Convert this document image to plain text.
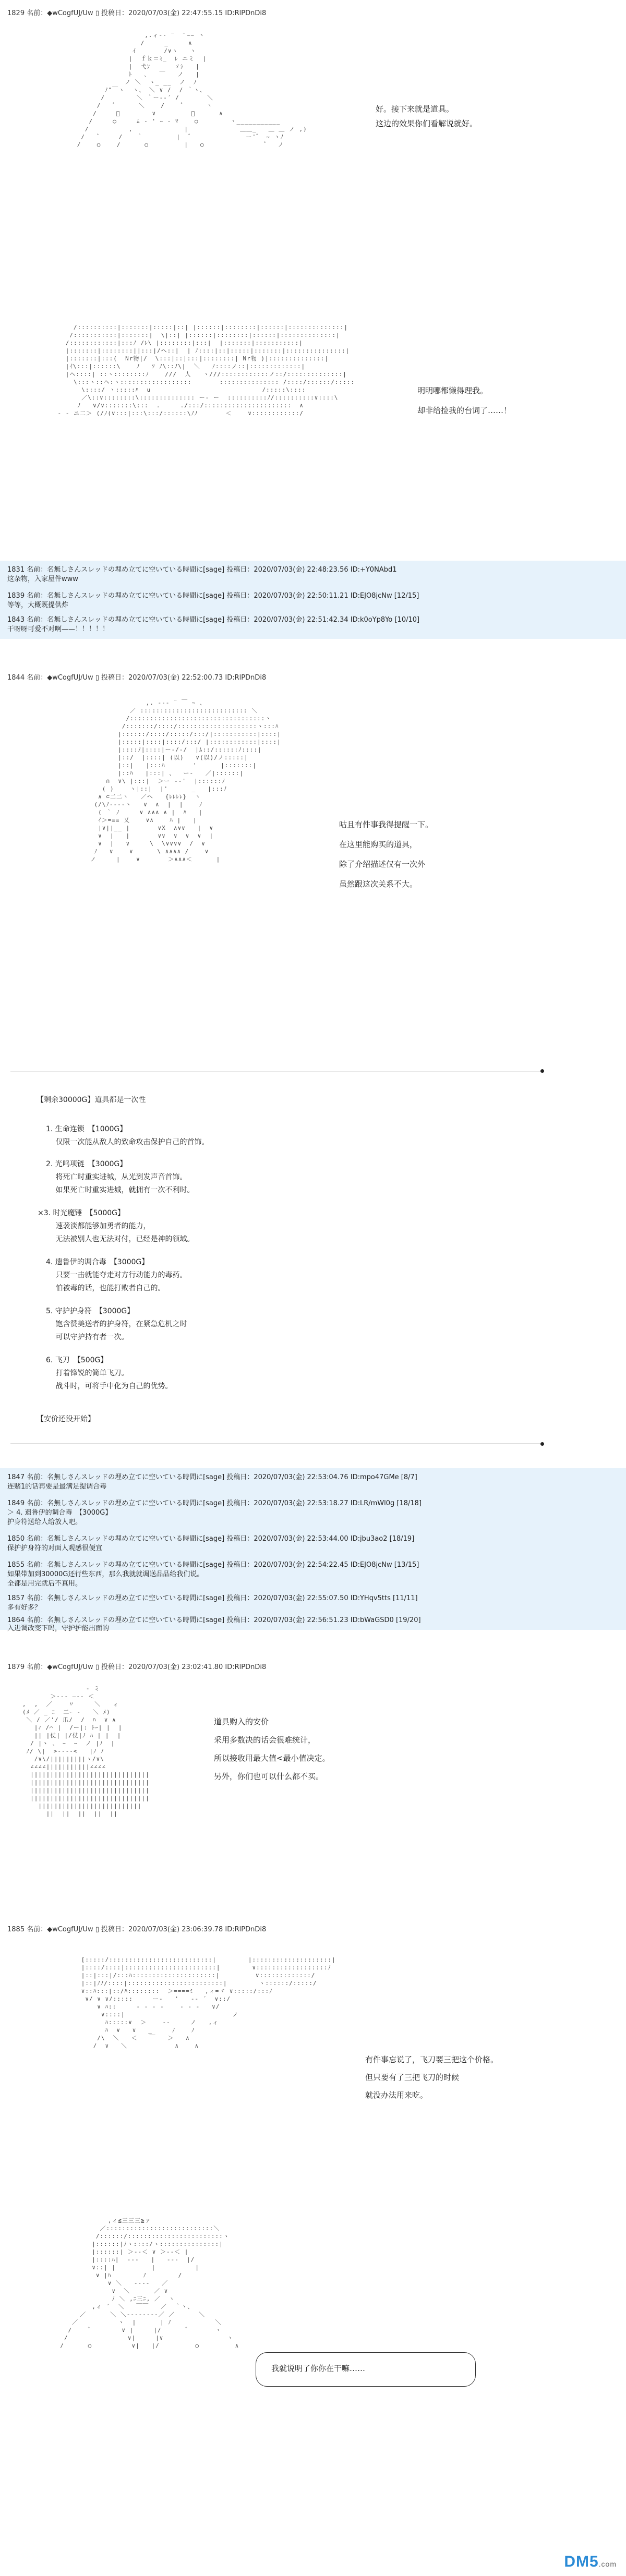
1829 名前：◆wCogfUJ/Uw ▯ 投稿日：2020/07/03(金) 22:47:55.15 ID:RlPDnDi8
,.ィ-‐ ¨  ̄ ~~ ヽ
/     _     ∧
ｲ       /∨ヽ   ヽ
|  ｆｋ＝ﾐ_  ﾚ ニミ  |
|  弋ﾝ      ゞｼ   |
ﾄ   ､   ￣   ノ   |
ノ ＼  ヽ_ __  ノ  ﾉ
ﾉ"￣ヽ  ヽ、 ＼ ∨ /  / ｀ヽ、
/        ＼ ｀ー‐‐´ /       ＼
/    ゚      ＼    /     ゚      ヽ
/     ゚        ∨         ゚      ∧
/     ○     ﾑ ‐ ' ｰ ‐ ﾏ    ○        ヽ___________
/          ,             |             ＿＿_   ＿ ＿ ノ ,)
/    ゚     /     ゚         |   ゚              ー' ゚  ~ ヽﾉ
/    ○    /      ○         |   ○                ゚   ノ
好。接下来就是道具。
这边的效果你们看解说就好。
/::::::::::|:::::::|:::::|::| |::::::|::::::::|::::::|::::::::::::::|
/:::::::::::|:::::::|  \|::| |::::::|::::::::|::::::|::::::::::::::|
/::::::::::::|:::ﾉ /ﾚ\ |::::::::|:::|  |:::::::|:::::::::::|
|:::::::|::::::::||:::|/ヘ::|  | ﾉ::::|::|:::::|:::::::|:::::::::::::::|
|:::::::|:::(  Nr物|/  \:::|::|:::|::::::::| Nr物 )|::::::::::::::|
|ｲ\:::|::::::\    ﾉ   ｿ ﾉ\::ﾉ\|  ＼   ﾉ::::ノ::|:::::::::::::|
|ヘ::::| ::ヽ::::::::ﾉ    ///  人   ヽ///::::::::::::ノ::/::::::::::::::|
\:::ヽ::ヘ:ヽ::::::::::::::::::       ::::::::::::::: /::::/::::::/:::::
\::::/ ヽ:::::ﾊ  u                            /:::::\::::
／\::∨::::::::\:::::::::::::: ー- ー  ::::::::::ﾉ/::::::::::∨::::\
ﾉ   ∨/∨:::::::\:::  .     ./:::/::::::::::::::::::::::  ∧
‐ ‐ ニ二＞ (/ﾉ(∨:::|:::\:::/::::::\ﾉﾉ       ＜    ∨::::::::::::/
明明哪都懒得理我。
却非给捡我的台词了……！
1831 名前：名無しさんスレッドの埋め立てに空いている時間に[sage] 投稿日：2020/07/03(金) 22:48:23.56 ID:+Y0NAbd1
这杂物，入家屋件www
1839 名前：名無しさんスレッドの埋め立てに空いている時間に[sage] 投稿日：2020/07/03(金) 22:50:11.21 ID:EJO8jcNw [12/15]
等等，大概既提供炸
1843 名前：名無しさんスレッドの埋め立てに空いている時間に[sage] 投稿日：2020/07/03(金) 22:51:42.34 ID:k0oYp8Yo [10/10]
干呀呀可爱不对啊——！！！！！
1844 名前：◆wCogfUJ/Uw ▯ 投稿日：2020/07/03(金) 22:52:00.73 ID:RlPDnDi8
,. -‐- ¨ ￣ ~ 、
／ ::::::::::::::::::::::::::: ＼
/::::::::::::::::::::::::::::::::::ヽ
/:::::::/::::/::::::::::::::::::::ヽ:::ﾊ
|::::::/::::/:::::/:::/|:::::::::::|::::|
|:::::|::::|::::/:::/ |::::::::::::|::::|
|::::ﾉ|::::|ー-/-/  |ﾑ::/::::::ﾉ::::|
|::/  |::::| (以)   ∨(以)/ノ:::::|
|::|   |:::ﾊ       '      |:::::::|
|::ﾊ   |:::| 、  ー‐   ／|::::::|
∩  ∨\ |:::|  ＞ー ‐‐'  |::::::ﾉ
( )    ヽ|::|  |'      _   |:::ﾉ
∧ ⊂二二ヽ   ／ヘ   {ﾚﾚﾚﾚ}  ヽ
(/\ﾉ-‐‐‐ヽ   ∨  ∧  |  |    ﾉ
( ｀ ﾉ     ∨ ∧∧∧ ∧ |  ﾊ   |
ｲ＞=≡≡ 乂    ∨∧    ﾊ |   |
|∨||__ |       ∨X  ∧∨∨   |  ∨
∨  |   |       ∨∨  ∨  ∨  ∨  |
∨  |   ∨     \  \∨∨∨∨  /  ∨
ﾉ   ∨    ∨      \ ∧∧∧∧ /    ∨
ノ     |    ∨       ＞∧∧∧＜      |
咕且有件事我得提醒一下。
在这里能购买的道具，
除了介绍描述仅有一次外
虽然跟这次关系不大。
【剩余30000G】道具都是一次性
1. 生命连锁　【1000G】
　 仅限一次能从敌人的致命攻击保护自己的首饰。
2. 光鸣项链　【3000G】
　 将死亡时重实进城，从光到发声音首饰。
　 如果死亡时重实进城，就拥有一次不利时。
×3. 时光魔锤　【5000G】
　 速袭淡都能够加勇者的能力，
　 无法被别人也无法对付，已经是神的领域。
4. 遗鲁伊的调合毒　【3000G】
　 只要一击就能夺走对方行动能力的毒药。
　 怕被毒的话，也能打败者自己的。
5. 守护护身符　【3000G】
　 饱含赞美送者的护身符，在紧急危机之时
　 可以守护持有者一次。
6. 飞刀　【500G】
　 打着锋锐的简单飞刀。
　 战斗时，可将手中化为自己的优势。
【安价还没开始】
1847 名前：名無しさんスレッドの埋め立てに空いている時間に[sage] 投稿日：2020/07/03(金) 22:53:04.76 ID:mpo47GMe [8/7]
连赌1的话再要是最满足提调合毒
1849 名前：名無しさんスレッドの埋め立てに空いている時間に[sage] 投稿日：2020/07/03(金) 22:53:18.27 ID:LR/mWl0g [18/18]
＞ 4. 遗鲁伊的调合毒　【3000G】
护身符送给人给放人吧。
1850 名前：名無しさんスレッドの埋め立てに空いている時間に[sage] 投稿日：2020/07/03(金) 22:53:44.00 ID:jbu3ao2 [18/19]
保护护身符的对面人观感很便宜
1855 名前：名無しさんスレッドの埋め立てに空いている時間に[sage] 投稿日：2020/07/03(金) 22:54:22.45 ID:EJO8jcNw [13/15]
如果带加到30000G还行些东西，那么我就就调送品品给我们说。
全都是用完就后不真用。
1857 名前：名無しさんスレッドの埋め立てに空いている時間に[sage] 投稿日：2020/07/03(金) 22:55:07.50 ID:YHqv5tts [11/11]
多有好多？
1864 名前：名無しさんスレッドの埋め立てに空いている時間に[sage] 投稿日：2020/07/03(金) 22:56:51.23 ID:bWaGSD0 [19/20]
入进调改变下吗，守护护能出面的
1879 名前：◆wCogfUJ/Uw ▯ 投稿日：2020/07/03(金) 23:02:41.80 ID:RlPDnDi8
‐ ミ
＞-‐‐ ―‐- ＜
,  ,  ／    〃     ＼   ィ
(ﾒ ／ _ ﾆ  二ｰ ‐   ＼ ﾒ)
＼ / ／'/ 爪/  /  ﾊ  ∨ ∧
|ｨ /⌒ |  /ー|: ﾄｰ| |  |
|| |仗| |/仗|ﾉ ﾊ | |  |
/ |ヽ 、 ｰ  ｰ  ノ |ﾉ  |
ﾉ/ \|  >‐‐‐‐<   |ﾉ ﾉ
/∨\/|||||||||ヽ/∨\
∠∠∠∠|||||||||||∠∠∠∠
||||||||||||||||||||||||||||||
||||||||||||||||||||||||||||||
||||||||||||||||||||||||||||||
||||||||||||||||||||||||||||||
||||||||||||||||||||||||||
||  ||  ||  ||  ||
道具购入的安价
采用多数决的话会很难统计，
所以接收用最大值<最小值决定。
另外，你们也可以什么都不买。
1885 名前：◆wCogfUJ/Uw ▯ 投稿日：2020/07/03(金) 23:06:39.78 ID:RlPDnDi8
[:::::/::::::::::::::::::::::::::|        |::::::::::::::::::::|
|::::/::::|:::::::::::::::::::::::|        ∨::::::::::::::::::ﾉ
|::|:::|/:::ﾊ:::::::::::::::::::::|         ∨:::::::::::::/
|::|ﾉﾉ/::::|::::::::::::::::::::::::|        ヽ::::::/:::::/
∨::ﾊ:::|::/ﾊ::::::::  ＞====ﾐ   ,ィ=ヾ ∨:::::/:::ﾉ
∨/ ∨ ∨/:::::     ー‐   '   ‐‐ ´  ∨::/
∨ ﾊ::     ‐ ‐ ‐ ‐    ‐ ‐ ‐   ∨/
∨::::|                           ノ
ﾊ:::::∨  ＞    ‐‐     ノ   ,ィ
ﾊ  ∨   ∨   _     ﾉ    ﾉ
/\  ＼   ＜   ￣   ＞   ∧
/  ∨   ＼            ∧    ∧
有件事忘说了，飞刀要三把这个价格。
但只要有了三把飞刀的时候
就没办法用来吃。
,ィ≦三三三≧ァ
／:::::::::::::::::::::::::::＼
/::::::/::::::::::::::::::::::::ヽ
|::::::|ﾉヽ::::/ヽ:::::::::::::::|
|::::::| ＞‐‐＜ ∨ ＞‐‐＜ |
|::::ﾊ|  -‐-   |   -‐-  |/
∨::| |         |          |
∨ |ﾊ        ﾉ        /
∨ ＼   ‐‐‐‐   ／
∨  ＼      ／ ∨
ﾉ ＼ ,ﾆ三ﾆ, ／  ヽ
,ィ ´  ＼   ￣￣   ／  ｀ヽ、
／      ＼ ＼‐‐‐‐‐‐‐‐／ ／      ＼
／          ヽ  |      | ﾉ           ＼
/     ゚        ∨ |     |/       ゚       ヽ
/               ∨|     |∨                ヽ
/      ○          ∨|   |/         ○         ∧
我就说明了你你在干嘛……
DM5.com
